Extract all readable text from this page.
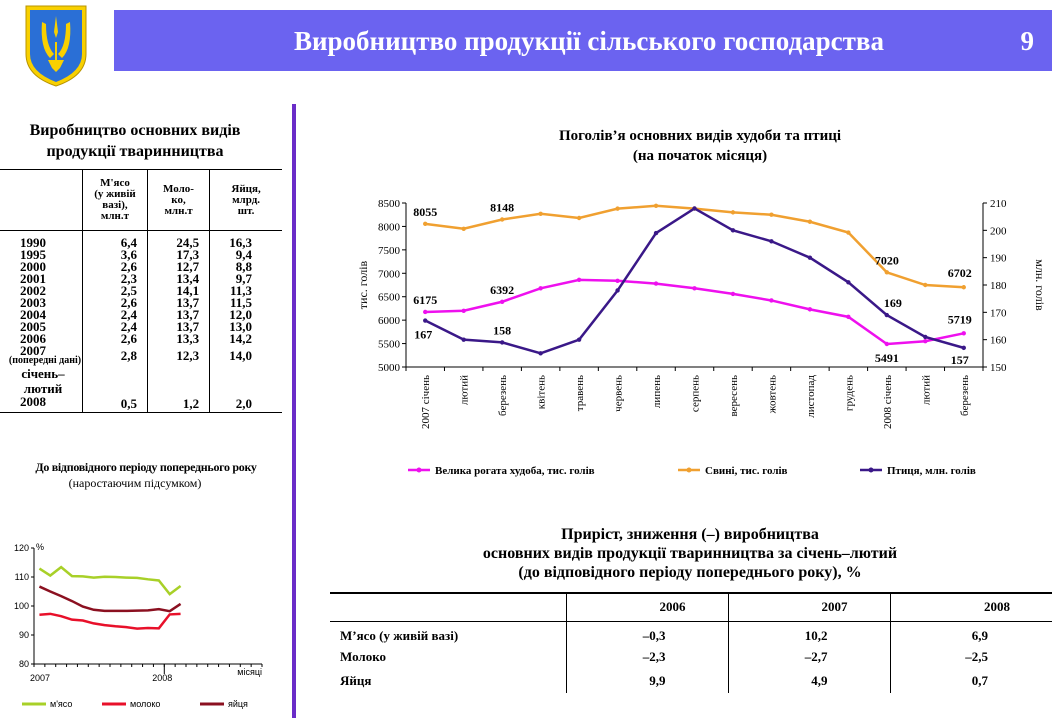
Виробництво продукції сільського господарства	9
Виробництво основних видів
продукції тваринництва
	М'ясо
(у живій
вазі),
млн.т	Моло-
ко,
млн.т	Яйця,
млрд.
шт.
1990	6,4	24,5	16,3
1995	3,6	17,3	9,4
2000	2,6	12,7	8,8
2001	2,3	13,4	9,7
2002	2,5	14,1	11,3
2003	2,6	13,7	11,5
2004	2,4	13,7	12,0
2005	2,4	13,7	13,0
2006	2,6	13,3	14,2

2007
(попередні дані)	2,8	12,3	14,0

січень–
лютий			

2008	0,5	1,2	2,0
До відповідного періоду попереднього року
(наростаючим підсумком)
80
90
100
110
120 %
2007	2008
місяці
м'ясо	молоко	яйця
Поголів’я основних видів худоби та птиці
(на початок місяця)
5000
5500
6000
6500
7000
7500
8000
8500
150
160
170
180
190
200
210
тис. голів	млн. голів
2007 січень лютий березень квітень травень червень липень серпень вересень жовтень листопад грудень 2008 січень лютий березень
8055	8148
7020
6702
6175
6392
5491
5719
167	158
169
157
Велика рогата худоба, тис. голів	Свині, тис. голів	Птиця, млн. голів
Приріст, зниження (–) виробництва
основних видів продукції тваринництва за січень–лютий
(до відповідного періоду попереднього року), %
	2006	2007	2008
М’ясо (у живій вазі)	–0,3	10,2	6,9
Молоко	–2,3	–2,7	–2,5
Яйця	9,9	4,9	0,7
